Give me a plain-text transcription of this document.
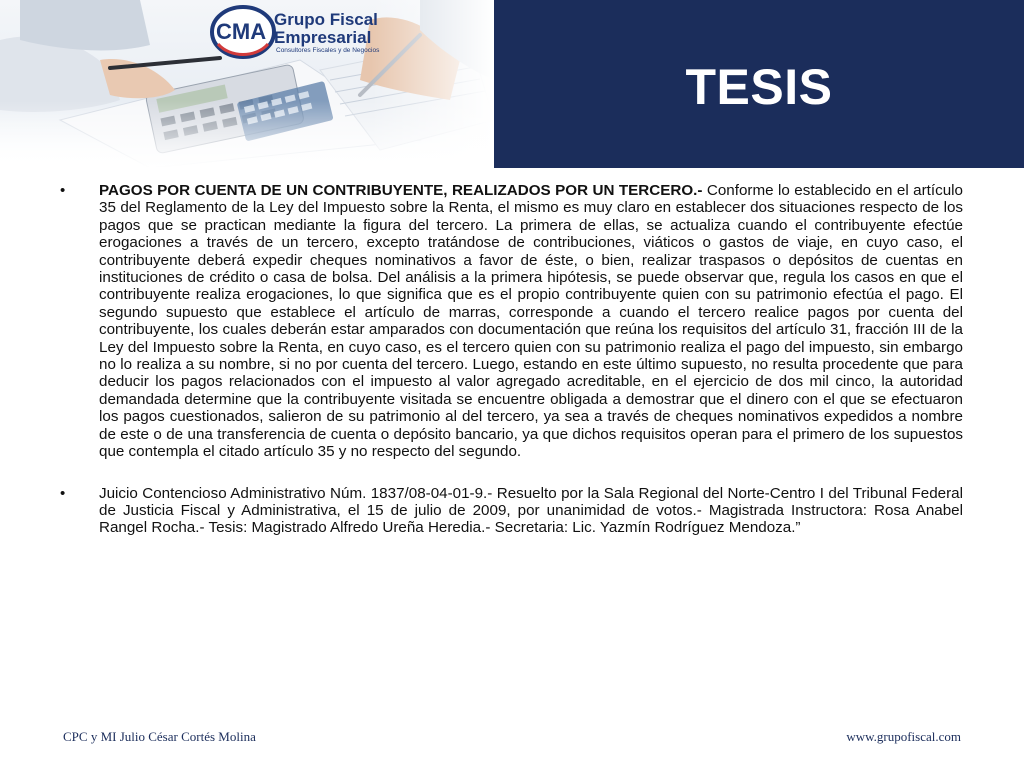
CMA Grupo Fiscal
Empresarial
Consultores Fiscales y de Negocios
TESIS

• PAGOS POR CUENTA DE UN CONTRIBUYENTE, REALIZADOS POR UN TERCERO.- Conforme lo establecido en el artículo 35 del Reglamento de la Ley del Impuesto sobre la Renta, el mismo es muy claro en establecer dos situaciones respecto de los pagos que se practican mediante la figura del tercero. La primera de ellas, se actualiza cuando el contribuyente efectúe erogaciones a través de un tercero, excepto tratándose de contribuciones, viáticos o gastos de viaje, en cuyo caso, el contribuyente deberá expedir cheques nominativos a favor de éste, o bien, realizar traspasos o depósitos de cuentas en instituciones de crédito o casa de bolsa. Del análisis a la primera hipótesis, se puede observar que, regula los casos en que el contribuyente realiza erogaciones, lo que significa que es el propio contribuyente quien con su patrimonio efectúa el pago. El segundo supuesto que establece el artículo de marras, corresponde a cuando el tercero realice pagos por cuenta del contribuyente, los cuales deberán estar amparados con documentación que reúna los requisitos del artículo 31, fracción III de la Ley del Impuesto sobre la Renta, en cuyo caso, es el tercero quien con su patrimonio realiza el pago del impuesto, sin embargo no lo realiza a su nombre, si no por cuenta del tercero. Luego, estando en este último supuesto, no resulta procedente que para deducir los pagos relacionados con el impuesto al valor agregado acreditable, en el ejercicio de dos mil cinco, la autoridad demandada determine que la contribuyente visitada se encuentre obligada a demostrar que el dinero con el que se efectuaron los pagos cuestionados, salieron de su patrimonio al del tercero, ya sea a través de cheques nominativos expedidos a nombre de este o de una transferencia de cuenta o depósito bancario, ya que dichos requisitos operan para el primero de los supuestos que contempla el citado artículo 35 y no respecto del segundo.

• Juicio Contencioso Administrativo Núm. 1837/08-04-01-9.- Resuelto por la Sala Regional del Norte-Centro I del Tribunal Federal de Justicia Fiscal y Administrativa, el 15 de julio de 2009, por unanimidad de votos.- Magistrada Instructora: Rosa Anabel Rangel Rocha.- Tesis: Magistrado Alfredo Ureña Heredia.- Secretaria: Lic. Yazmín Rodríguez Mendoza.”

CPC y MI Julio César Cortés Molina	www.grupofiscal.com
